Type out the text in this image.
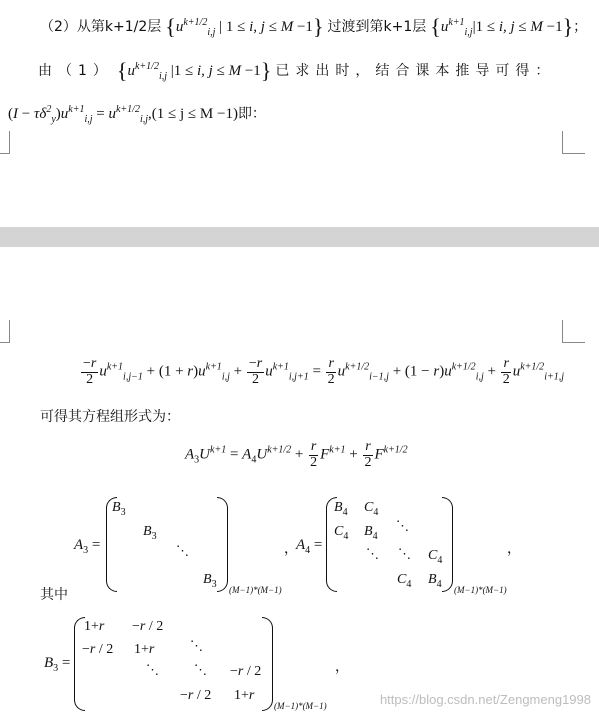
（2）从第k+1/2层 {$u^{k+1/2}_{i,j}$ | 1 ≤ i, j ≤ M −1} 过渡到第k+1层 {$u^{k+1}_{i,j}|1 \le i$, j ≤ M −1}；
由（1） {$u^{k+1/2}_{i,j}$ |1 ≤ i, j ≤ M −1} 已求出时，结合课本推导可得：
$(I - \tau\delta^2_y)u^{k+1}_{i,j} = u^{k+1/2}_{i,j},(1 \le j \le M -1)$即：
$\frac{-r}{2} u^{k+1}_{i,j-1} + (1 + r)u^{k+1}_{i,j} + \frac{-r}{2} u^{k+1}_{i,j+1} = \frac{r}{2} u^{k+1/2}_{i-1,j} + (1 - r)u^{k+1/2}_{i,j} + \frac{r}{2} u^{k+1/2}_{i+1,j}$
可得其方程组形式为：
$A_3U^{k+1} = A_4U^{k+1/2} + \frac{r}{2} F^{k+1} + \frac{r}{2} F^{k+1/2}$
$A_3$ =
$B_3$
$B_3$
⋱
$B_3$
(M−1)*(M−1)
，
$A_4$ =
$B_4$ $C_4$
$C_4$ $B_4$
⋱
⋱ ⋱ $C_4$
$C_4$ $B_4$
(M−1)*(M−1)
，
其中
$B_3$ =
1+r −r / 2
−r / 2 1+r	⋱
⋱	⋱ −r / 2
−r / 2 1+r
(M−1)*(M−1)
，
https://blog.csdn.net/Zengmeng1998
